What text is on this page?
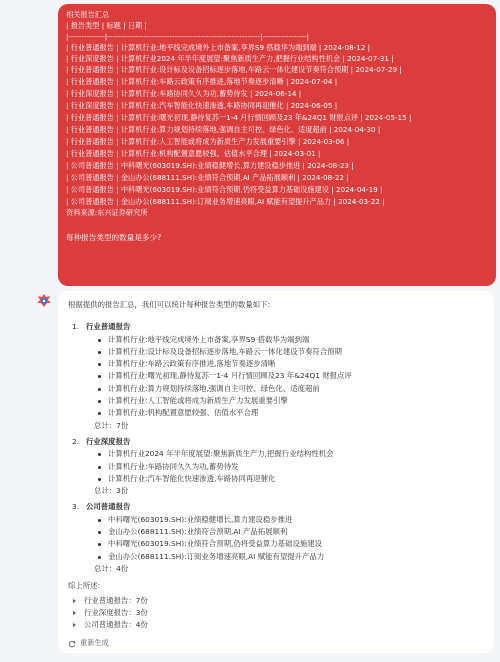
相关报告汇总
| 报告类型 | 标题 | 日期 |
|--------------|-----------------------------------------------------------|-----------------|
| 行业普通报告 | 计算机行业:地平线完成境外上市备案,享界S9 搭载华为端到端 | 2024-08-12 |
| 行业深度报告 | 计算机行业2024 年半年度展望:聚焦新质生产力,把握行业结构性机会 | 2024-07-31 |
| 行业普通报告 | 计算机行业:设计标及设备招标逐步落地,车路云一体化建设节奏符合预期 | 2024-07-29 |
| 行业普通报告 | 计算机行业:车路云政策有序推进,落地节奏逐步清晰 | 2024-07-04 |
| 行业深度报告 | 计算机行业:车路协同久久为功,蓄势待发 | 2024-06-14 |
| 行业深度报告 | 计算机行业:汽车智能化快速渗透,车路协同再迎催化 | 2024-06-05 |
| 行业普通报告 | 计算机行业:曙光初现,静待复苏一1-4 月行情回顾及23 年&24Q1 财报点评 | 2024-05-15 |
| 行业普通报告 | 计算机行业:算力规划持续落地,强调自主可控、绿色化、适度超前 | 2024-04-30 |
| 行业普通报告 | 计算机行业:人工智能或将成为新质生产力发展重要引擎 | 2024-03-06 |
| 行业普通报告 | 计算机行业:机构配置意愿较强、估值水平合理 | 2024-03-01 |
| 公司普通报告 | 中科曙光(603019.SH):业绩稳健增长,算力建设稳步推进 | 2024-08-23 |
| 公司普通报告 | 金山办公(688111.SH):业绩符合预期,AI 产品拓展顺利 | 2024-08-22 |
| 公司普通报告 | 中科曙光(603019.SH):业绩符合预期,仍将受益算力基础设施建设 | 2024-04-19 |
| 公司普通报告 | 金山办公(688111.SH):订阅业务增速亮眼,AI 赋能有望提升产品力 | 2024-03-22 |
资料来源:东兴证券研究所
每种报告类型的数量是多少?
根据提供的报告汇总，我们可以统计每种报告类型的数量如下:
1. 行业普通报告
计算机行业:地平线完成境外上市备案,享界S9 搭载华为端到端
计算机行业:设计标及设备招标逐步落地,车路云一体化建设节奏符合预期
计算机行业:车路云政策有序推进,落地节奏逐步清晰
计算机行业:曙光初现,静待复苏一1-4 月行情回顾及23 年&24Q1 财报点评
计算机行业:算力规划持续落地,强调自主可控、绿色化、适度超前
计算机行业:人工智能或将成为新质生产力发展重要引擎
计算机行业:机构配置意愿较强、估值水平合理
总计：7份
2. 行业深度报告
计算机行业2024 年半年度展望:聚焦新质生产力,把握行业结构性机会
计算机行业:车路协同久久为功,蓄势待发
计算机行业:汽车智能化快速渗透,车路协同再迎催化
总计：3份
3. 公司普通报告
中科曙光(603019.SH):业绩稳健增长,算力建设稳步推进
金山办公(688111.SH):业绩符合预期,AI 产品拓展顺利
中科曙光(603019.SH):业绩符合预期,仍将受益算力基础设施建设
金山办公(688111.SH):订阅业务增速亮眼,AI 赋能有望提升产品力
总计：4份
综上所述:
行业普通报告：7份
行业深度报告：3份
公司普通报告：4份
重新生成
